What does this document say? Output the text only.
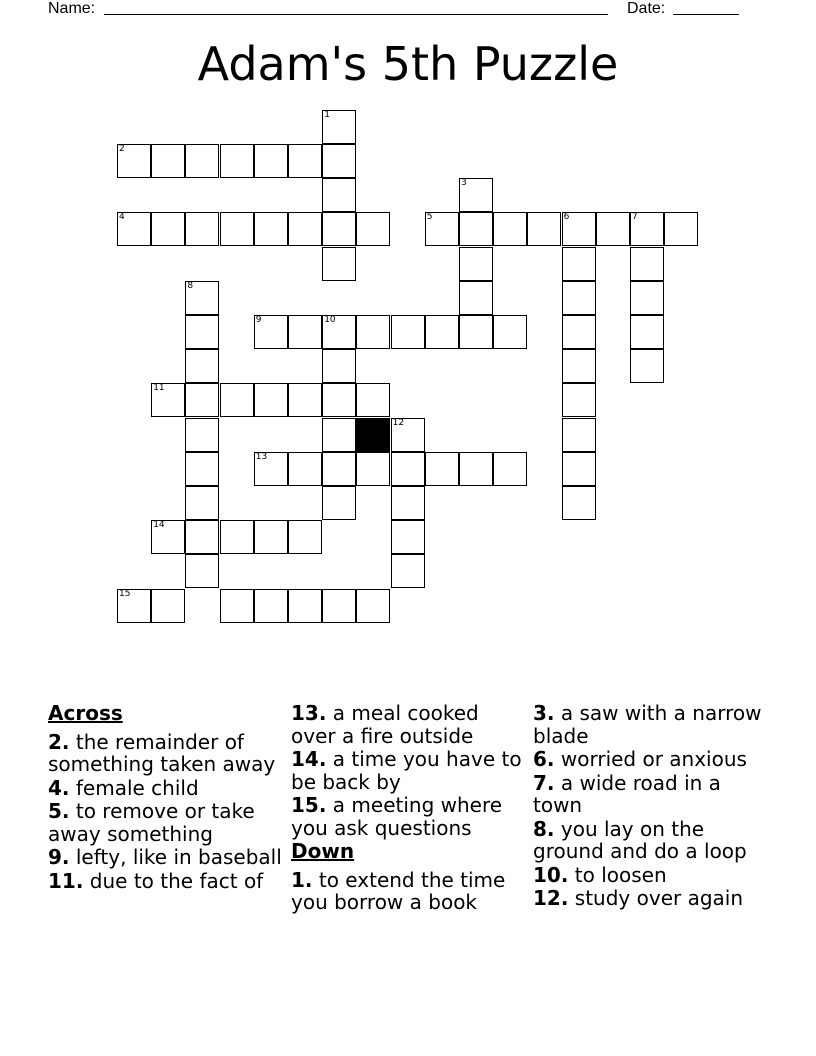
Name:	Date:
Adam's 5th Puzzle
1
2
3
4	5	6	7
8
9	10
11
12
13
14
15
Across
2. the remainder of something taken away
4. female child
5. to remove or take away something
9. lefty, like in baseball
11. due to the fact of
13. a meal cooked over a fire outside
14. a time you have to be back by
15. a meeting where you ask questions
Down
1. to extend the time you borrow a book
3. a saw with a narrow blade
6. worried or anxious
7. a wide road in a town
8. you lay on the ground and do a loop
10. to loosen
12. study over again
